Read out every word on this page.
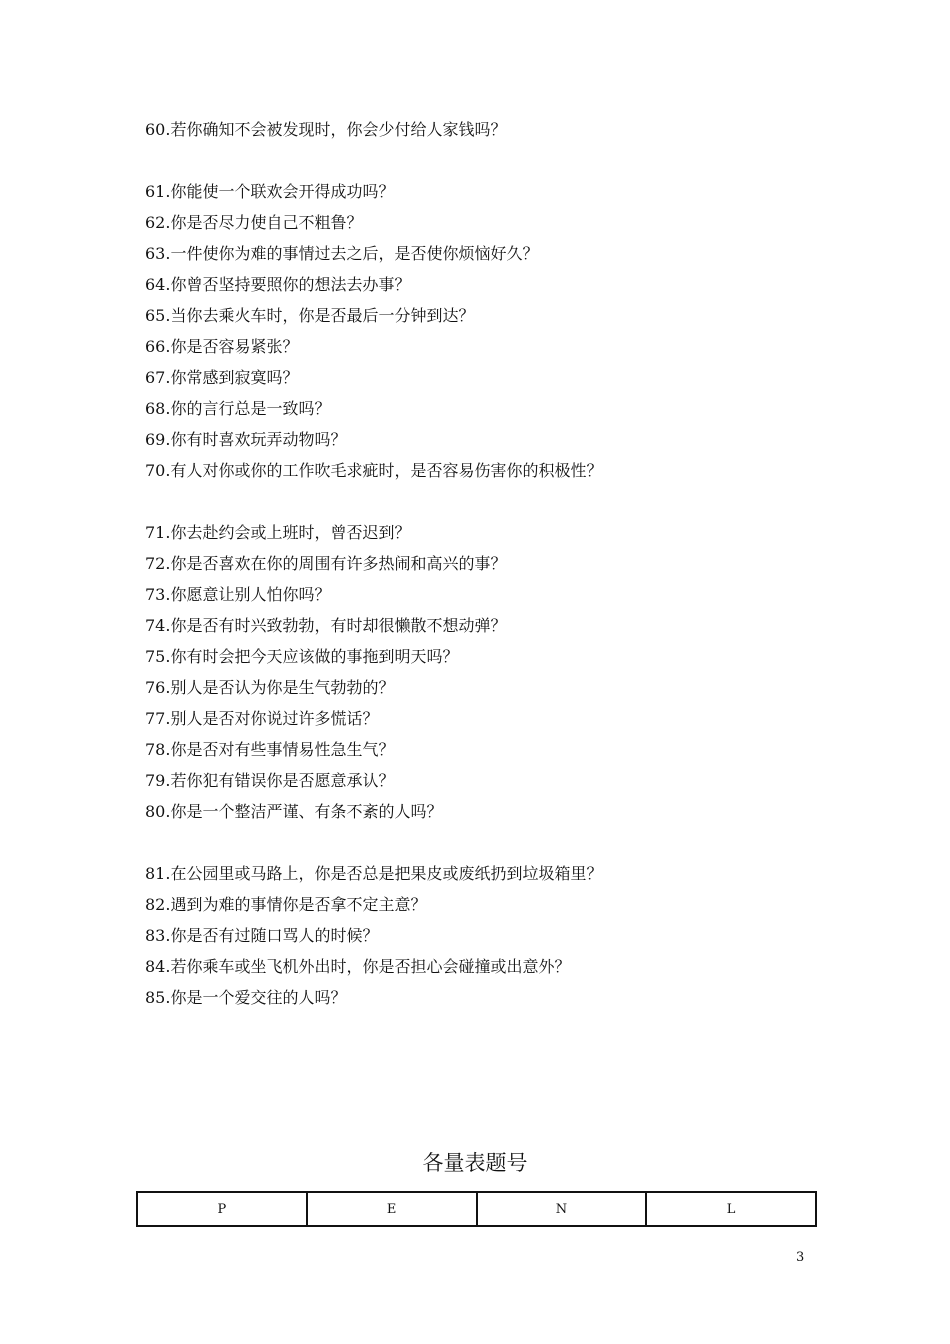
60.若你确知不会被发现时，你会少付给人家钱吗？
61.你能使一个联欢会开得成功吗？
62.你是否尽力使自己不粗鲁？
63.一件使你为难的事情过去之后，是否使你烦恼好久？
64.你曾否坚持要照你的想法去办事？
65.当你去乘火车时，你是否最后一分钟到达？
66.你是否容易紧张？
67.你常感到寂寞吗？
68.你的言行总是一致吗？
69.你有时喜欢玩弄动物吗？
70.有人对你或你的工作吹毛求疵时，是否容易伤害你的积极性？
71.你去赴约会或上班时，曾否迟到？
72.你是否喜欢在你的周围有许多热闹和高兴的事？
73.你愿意让别人怕你吗？
74.你是否有时兴致勃勃，有时却很懒散不想动弹？
75.你有时会把今天应该做的事拖到明天吗？
76.别人是否认为你是生气勃勃的？
77.别人是否对你说过许多慌话？
78.你是否对有些事情易性急生气？
79.若你犯有错误你是否愿意承认？
80.你是一个整洁严谨、有条不紊的人吗？
81.在公园里或马路上，你是否总是把果皮或废纸扔到垃圾箱里？
82.遇到为难的事情你是否拿不定主意？
83.你是否有过随口骂人的时候？
84.若你乘车或坐飞机外出时，你是否担心会碰撞或出意外？
85.你是一个爱交往的人吗？
各量表题号
P	E	N	L
3
